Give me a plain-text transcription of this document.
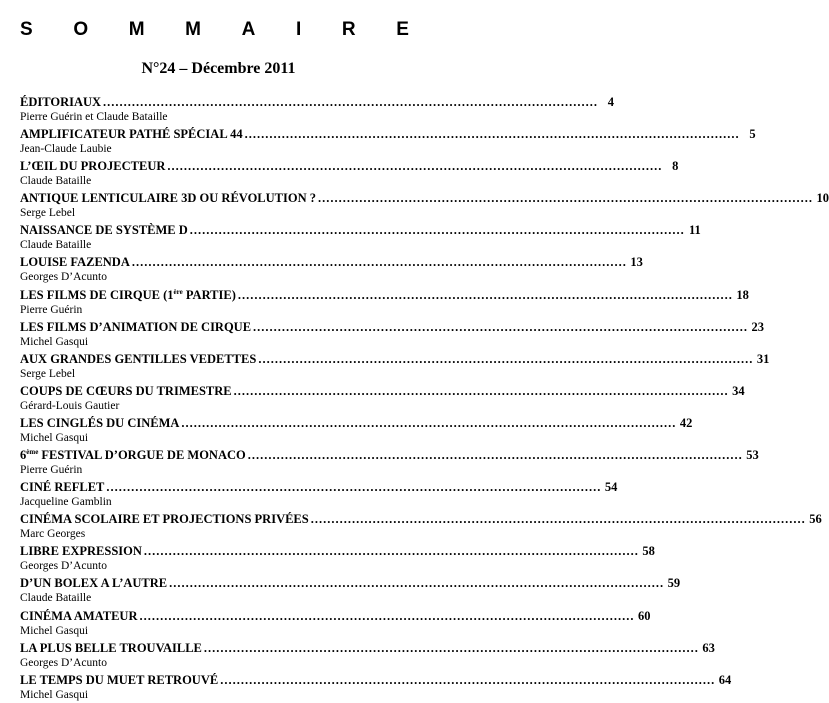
S O M M A I R E
N°24 – Décembre 2011
ÉDITORIAUX ........................................................................................................................ 4
Pierre Guérin et Claude Bataille
AMPLIFICATEUR PATHÉ SPÉCIAL 44 ........................................................................................................................ 5
Jean-Claude Laubie
L’ŒIL DU PROJECTEUR ........................................................................................................................ 8
Claude Bataille
ANTIQUE LENTICULAIRE 3D OU RÉVOLUTION ? ........................................................................................................................ 10
Serge Lebel
NAISSANCE DE SYSTÈME D ........................................................................................................................ 11
Claude Bataille
LOUISE FAZENDA ........................................................................................................................ 13
Georges D’Acunto
LES FILMS DE CIRQUE (1ère PARTIE) ........................................................................................................................ 18
Pierre Guérin
LES FILMS D’ANIMATION DE CIRQUE ........................................................................................................................ 23
Michel Gasqui
AUX GRANDES GENTILLES VEDETTES ........................................................................................................................ 31
Serge Lebel
COUPS DE CŒURS DU TRIMESTRE ........................................................................................................................ 34
Gérard-Louis Gautier
LES CINGLÉS DU CINÉMA ........................................................................................................................ 42
Michel Gasqui
6ème FESTIVAL D’ORGUE DE MONACO ........................................................................................................................ 53
Pierre Guérin
CINÉ REFLET ........................................................................................................................ 54
Jacqueline Gamblin
CINÉMA SCOLAIRE ET PROJECTIONS PRIVÉES ........................................................................................................................ 56
Marc Georges
LIBRE EXPRESSION ........................................................................................................................ 58
Georges D’Acunto
D’UN BOLEX A L’AUTRE ........................................................................................................................ 59
Claude Bataille
CINÉMA AMATEUR ........................................................................................................................ 60
Michel Gasqui
LA PLUS BELLE TROUVAILLE ........................................................................................................................ 63
Georges D’Acunto
LE TEMPS DU MUET RETROUVÉ ........................................................................................................................ 64
Michel Gasqui
